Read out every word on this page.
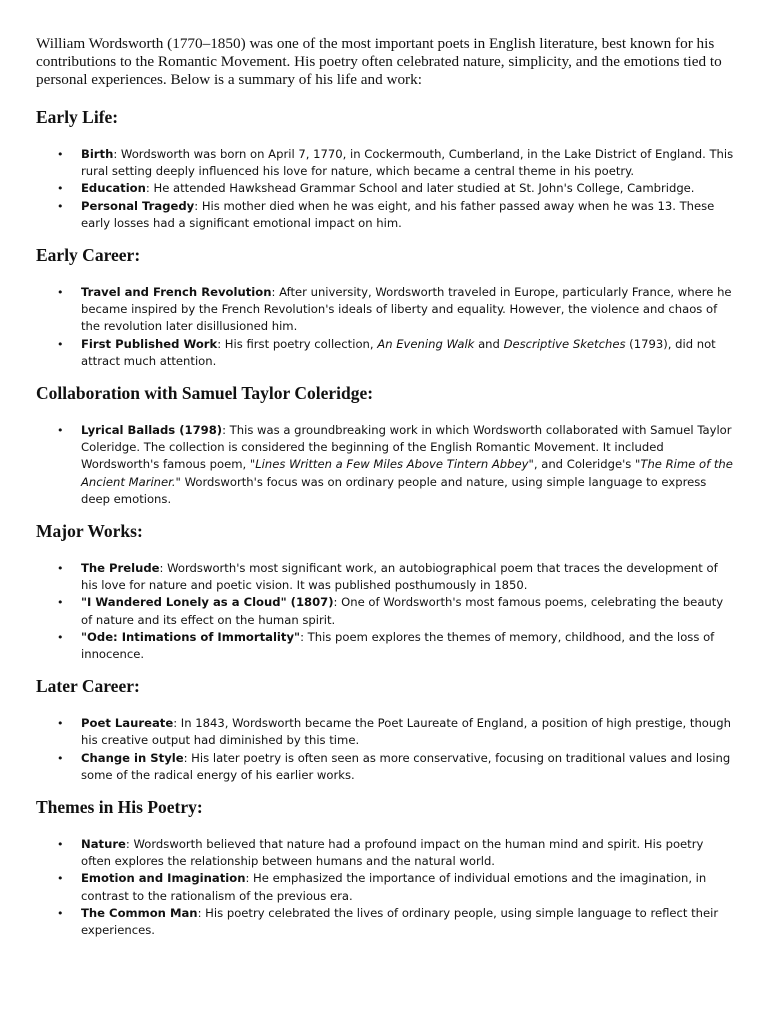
William Wordsworth (1770–1850) was one of the most important poets in English literature, best known for his contributions to the Romantic Movement. His poetry often celebrated nature, simplicity, and the emotions tied to personal experiences. Below is a summary of his life and work:

Early Life:
• Birth: Wordsworth was born on April 7, 1770, in Cockermouth, Cumberland, in the Lake District of England. This rural setting deeply influenced his love for nature, which became a central theme in his poetry.
• Education: He attended Hawkshead Grammar School and later studied at St. John's College, Cambridge.
• Personal Tragedy: His mother died when he was eight, and his father passed away when he was 13. These early losses had a significant emotional impact on him.
Early Career:
• Travel and French Revolution: After university, Wordsworth traveled in Europe, particularly France, where he became inspired by the French Revolution's ideals of liberty and equality. However, the violence and chaos of the revolution later disillusioned him.
• First Published Work: His first poetry collection, An Evening Walk and Descriptive Sketches (1793), did not attract much attention.
Collaboration with Samuel Taylor Coleridge:
• Lyrical Ballads (1798): This was a groundbreaking work in which Wordsworth collaborated with Samuel Taylor Coleridge. The collection is considered the beginning of the English Romantic Movement. It included Wordsworth's famous poem, "Lines Written a Few Miles Above Tintern Abbey", and Coleridge's "The Rime of the Ancient Mariner." Wordsworth's focus was on ordinary people and nature, using simple language to express deep emotions.
Major Works:
• The Prelude: Wordsworth's most significant work, an autobiographical poem that traces the development of his love for nature and poetic vision. It was published posthumously in 1850.
• "I Wandered Lonely as a Cloud" (1807): One of Wordsworth's most famous poems, celebrating the beauty of nature and its effect on the human spirit.
• "Ode: Intimations of Immortality": This poem explores the themes of memory, childhood, and the loss of innocence.
Later Career:
• Poet Laureate: In 1843, Wordsworth became the Poet Laureate of England, a position of high prestige, though his creative output had diminished by this time.
• Change in Style: His later poetry is often seen as more conservative, focusing on traditional values and losing some of the radical energy of his earlier works.
Themes in His Poetry:
• Nature: Wordsworth believed that nature had a profound impact on the human mind and spirit. His poetry often explores the relationship between humans and the natural world.
• Emotion and Imagination: He emphasized the importance of individual emotions and the imagination, in contrast to the rationalism of the previous era.
• The Common Man: His poetry celebrated the lives of ordinary people, using simple language to reflect their experiences.
